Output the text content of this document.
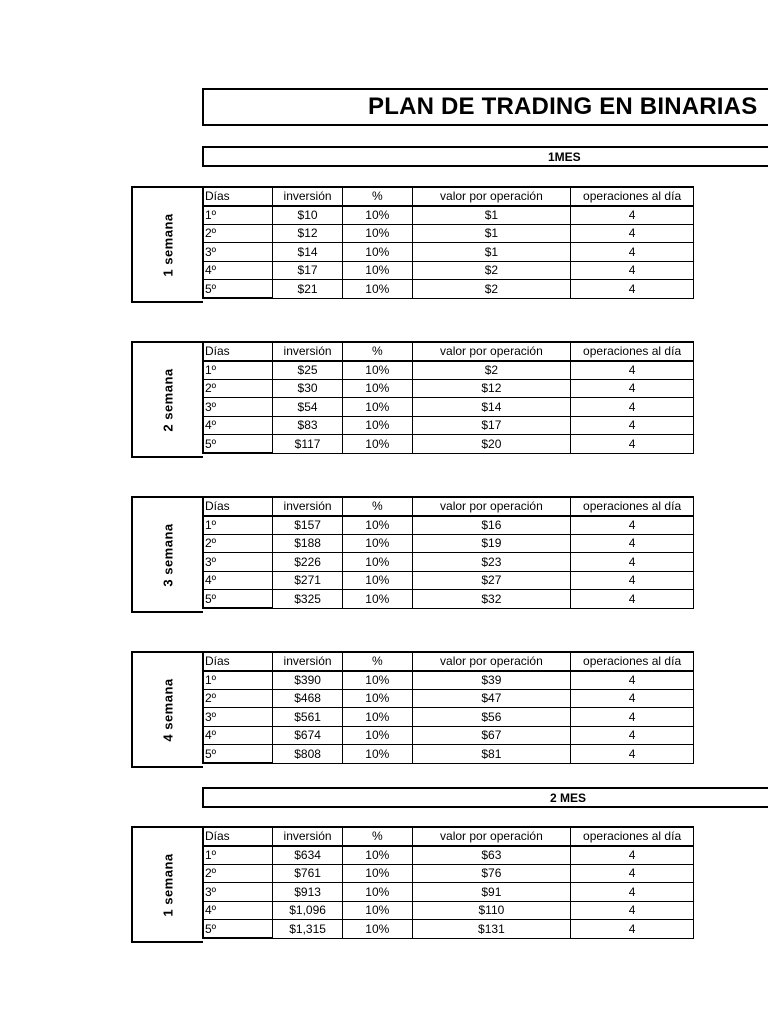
PLAN DE TRADING EN BINARIAS
1MES
2 MES
1 semana
Días	inversión	%	valor por operación	operaciones al día
1º	$10	10%	$1	4
2º	$12	10%	$1	4
3º	$14	10%	$1	4
4º	$17	10%	$2	4
5º	$21	10%	$2	4
2 semana
Días	inversión	%	valor por operación	operaciones al día
1º	$25	10%	$2	4
2º	$30	10%	$12	4
3º	$54	10%	$14	4
4º	$83	10%	$17	4
5º	$117	10%	$20	4
3 semana
Días	inversión	%	valor por operación	operaciones al día
1º	$157	10%	$16	4
2º	$188	10%	$19	4
3º	$226	10%	$23	4
4º	$271	10%	$27	4
5º	$325	10%	$32	4
4 semana
Días	inversión	%	valor por operación	operaciones al día
1º	$390	10%	$39	4
2º	$468	10%	$47	4
3º	$561	10%	$56	4
4º	$674	10%	$67	4
5º	$808	10%	$81	4
1 semana
Días	inversión	%	valor por operación	operaciones al día
1º	$634	10%	$63	4
2º	$761	10%	$76	4
3º	$913	10%	$91	4
4º	$1,096	10%	$110	4
5º	$1,315	10%	$131	4
